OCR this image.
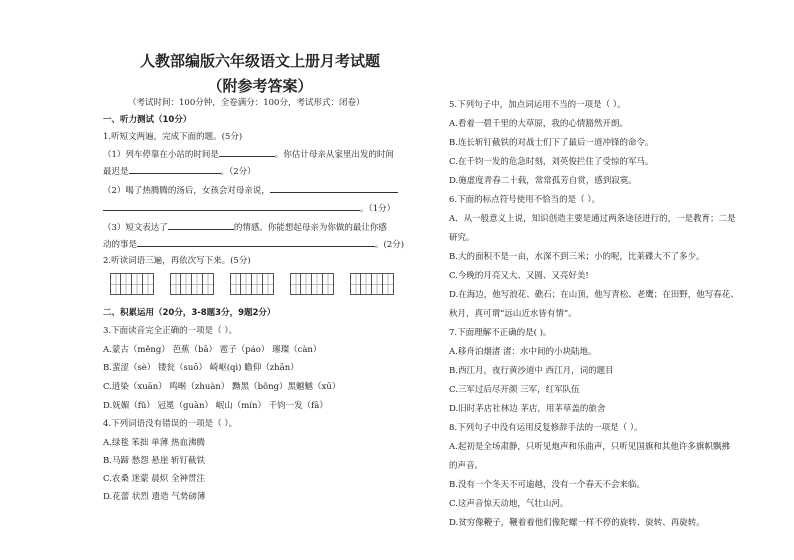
人教部编版六年级语文上册月考试题
（附参考答案）
（考试时间：100分钟，全卷满分：100分，考试形式：闭卷）
一、听力测试（10分）
1.听短文两遍，完成下面的题。(5分)
（1）列车停靠在小站的时间是	。你估计母亲从家里出发的时间
最迟是	。（2分）
（2）喝了热腾腾的汤后，女孩会对母亲说，
。（1分）
（3）短文表达了	的情感。你能想起母亲为你做的最让你感
动的事是	。(2分)
2.听读词语三遍，再依次写下来。(5分)
二、积累运用（20分，3-8题3分，9题2分）
3.下面读音完全正确的一项是（ ）。
A.蒙古（měng） 芭蕉（bā） 雹子（páo） 璀璨（càn）
B.蜚涩（sè） 镂瓮（suō） 崎岖(qì) 瞻仰（zhān）
C.逍染（xuān） 鸣啭（zhuàn） 黝黑（bǒng）黑魆魆（xū）
D.妩媚（fǔ） 冠冕（guàn） 岷山（mín） 千钧一发（fā）
4.下列词语没有错误的一项是（ ）。
A.绿毯 笨拙 单薄 热血沸腾
B.马蹄 愁怨 悬崖 斩钉截铁
C.农桑 迷蒙 晨炽 全神贯注
D.花蕾 状烈 遗造 气势磅薄
5.下列句子中，加点词运用不当的一项是（ ）。
A.看着一碧千里的大草原，我的心情豁然开朗。
B.连长斩钉截铁的对战士们下了最后一道冲锋的命令。
C.在千钧一发的危急时刻，刘英俊拦住了受惊的军马。
D.施虚度青春二十载，常常孤芳自赏，感到寂寞。
6.下面的标点符号使用不恰当的是（ ）。
A．从一般意义上说，知识创造主要是通过两条途径进行的，一是教育；二是
研究。
B.大的面积不是一亩，水深不到三米；小的呢，比莱碟大不了多少。
C.今晚的月亮又大、又圆、又亮好美!
D.在海边，他写浪花、礁石；在山顶，他写青松、老鹰；在田野，他写春花、
秋月，真可谓“远山近水皆有情”。
7.下面理解不正确的是( )。
A.移舟泊烟渚 渚：水中间的小块陆地。
B.西江月，夜行黄沙道中 西江月，词的题目
C.三军过后尽开颜 三军，红军队伍
D.旧时茅店社林边 茅店，用茅草盖的旅舍
8.下列句子中没有运用反复修辞手法的一项是（ ）。
A.起初是全场肃静，只听见炮声和乐曲声，只听见国旗和其他许多旗帜飘拂
的声音。
B.没有一个冬天不可逾越，没有一个春天不会来临。
C.这声音惊天动地，气壮山河。
D.贫穷像鞭子，鞭着着他们像陀螺一样不停的旋转、旋转、再旋转。
